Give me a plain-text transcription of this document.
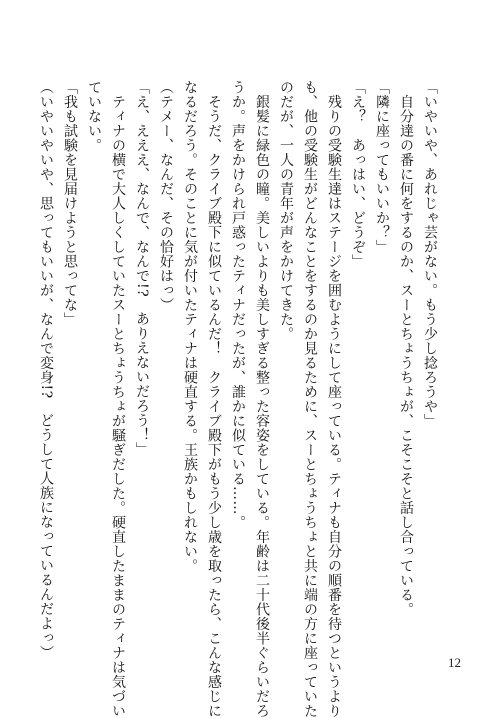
「いやいや、あれじゃ芸がない。もう少し捻ろうや」
　自分達の番に何をするのか、スーとちょうちょが、こそこそと話し合っている。
「隣に座ってもいいか？」
「え？　あっはい、どうぞ」
　残りの受験生達はステージを囲むようにして座っている。ティナも自分の順番を待つというより
も、他の受験生がどんなことをするのか見るために、スーとちょうちょと共に端の方に座っていた
のだが、一人の青年が声をかけてきた。
　銀髪に緑色の瞳。美しいよりも美しすぎる整った容姿をしている。年齢は二十代後半ぐらいだろ
うか。声をかけられ戸惑ったティナだったが、誰かに似ている……。
　そうだ、クライブ殿下に似ているんだ！　クライブ殿下がもう少し歳を取ったら、こんな感じに
なるだろう。そのことに気が付いたティナは硬直する。王族かもしれない。
（テメー、なんだ、その恰好はっ）
「え、えええ、なんで、なんで!?　ありえないだろう！」
　ティナの横で大人しくしていたスーとちょうちょが騒ぎだした。硬直したままのティナは気づい
ていない。
「我も試験を見届けようと思ってな」
（いやいやいや、思ってもいいが、なんで変身!?　どうして人族になっているんだよっ）
12
